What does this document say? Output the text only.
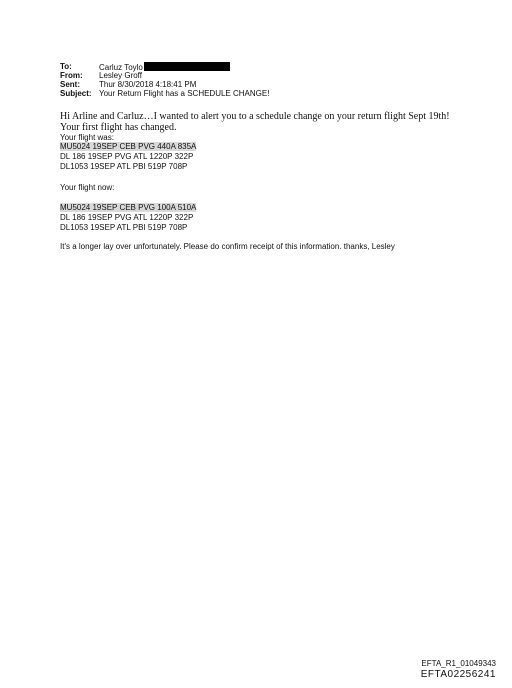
To:	Carluz Toylo
From: Lesley Groff
Sent: Thur 8/30/2018 4:18:41 PM
Subject: Your Return Flight has a SCHEDULE CHANGE!
Hi Arline and Carluz…I wanted to alert you to a schedule change on your return flight Sept 19th!
Your first flight has changed.
Your flight was:
MU5024 19SEP CEB PVG 440A 835A
DL 186 19SEP PVG ATL 1220P 322P
DL1053 19SEP ATL PBI 519P 708P
Your flight now:
MU5024 19SEP CEB PVG 100A 510A
DL 186 19SEP PVG ATL 1220P 322P
DL1053 19SEP ATL PBI 519P 708P
It's a longer lay over unfortunately. Please do confirm receipt of this information. thanks, Lesley
EFTA_R1_01049343
EFTA02256241
